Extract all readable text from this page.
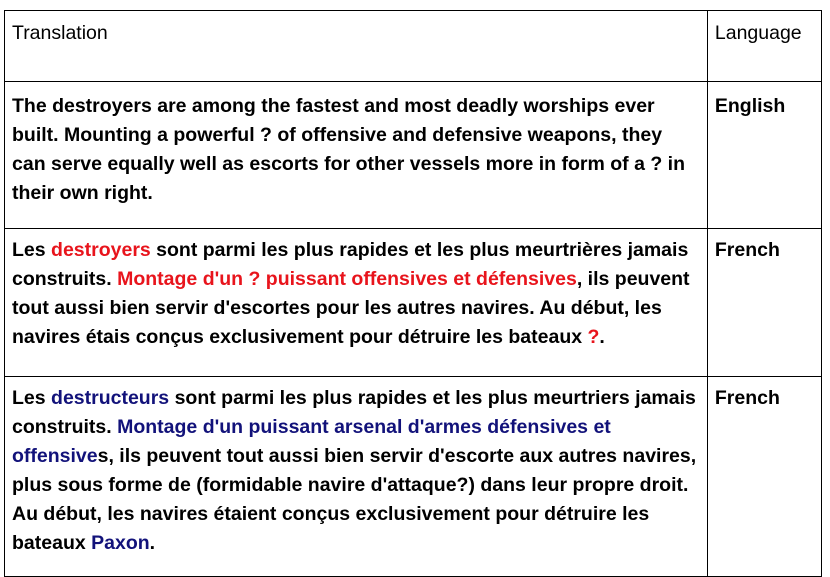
Translation	Language
The destroyers are among the fastest and most deadly worships ever built. Mounting a powerful ? of offensive and defensive weapons, they can serve equally well as escorts for other vessels more in form of a ? in their own right.	English
Les destroyers sont parmi les plus rapides et les plus meurtrières jamais construits. Montage d'un ? puissant offensives et défensives, ils peuvent tout aussi bien servir d'escortes pour les autres navires. Au début, les navires étais conçus exclusivement pour détruire les bateaux ?.	French
Les destructeurs sont parmi les plus rapides et les plus meurtriers jamais construits. Montage d'un puissant arsenal d'armes défensives et offensives, ils peuvent tout aussi bien servir d'escorte aux autres navires, plus sous forme de (formidable navire d'attaque?) dans leur propre droit. Au début, les navires étaient conçus exclusivement pour détruire les bateaux Paxon.	French
